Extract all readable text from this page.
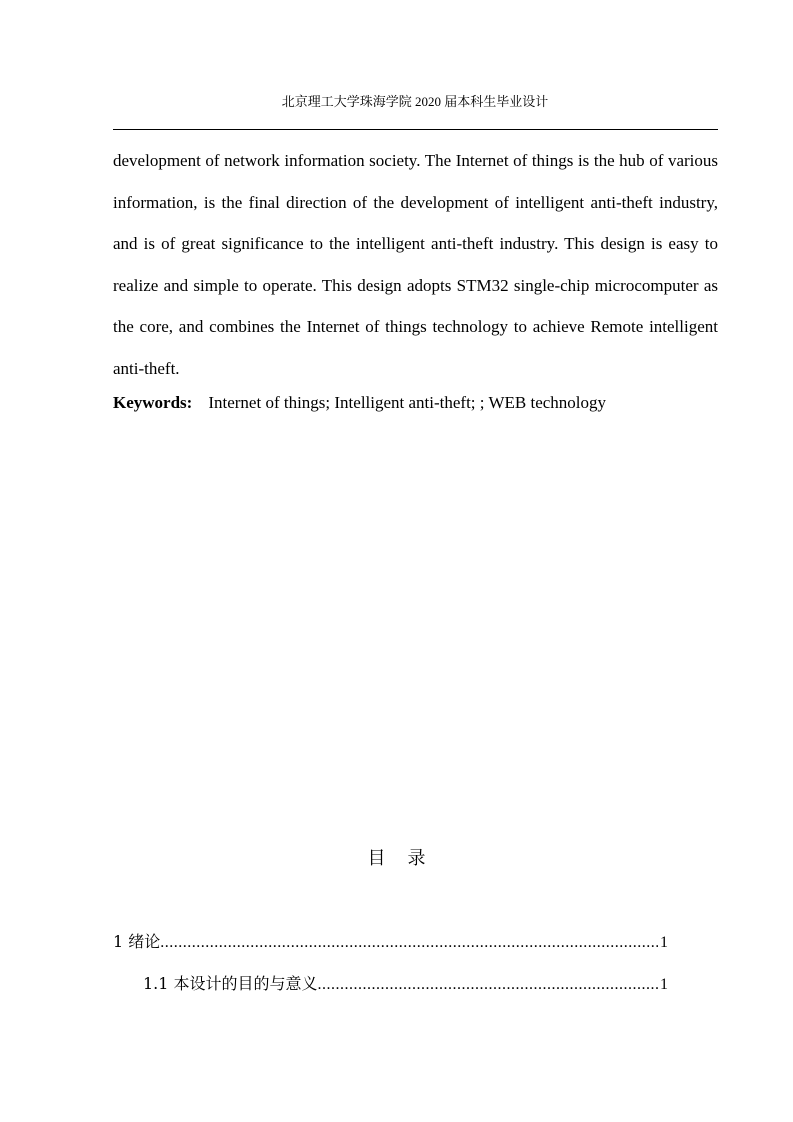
北京理工大学珠海学院 2020 届本科生毕业设计

development of network information society. The Internet of things is the hub of various information, is the final direction of the development of intelligent anti-theft industry, and is of great significance to the intelligent anti-theft industry. This design is easy to realize and simple to operate. This design adopts STM32 single-chip microcomputer as the core, and combines the Internet of things technology to achieve Remote intelligent anti-theft.

Keywords: Internet of things; Intelligent anti-theft; ; WEB technology
目 录
1 绪论 .....	1
1.1 本设计的目的与意义 .....	1
